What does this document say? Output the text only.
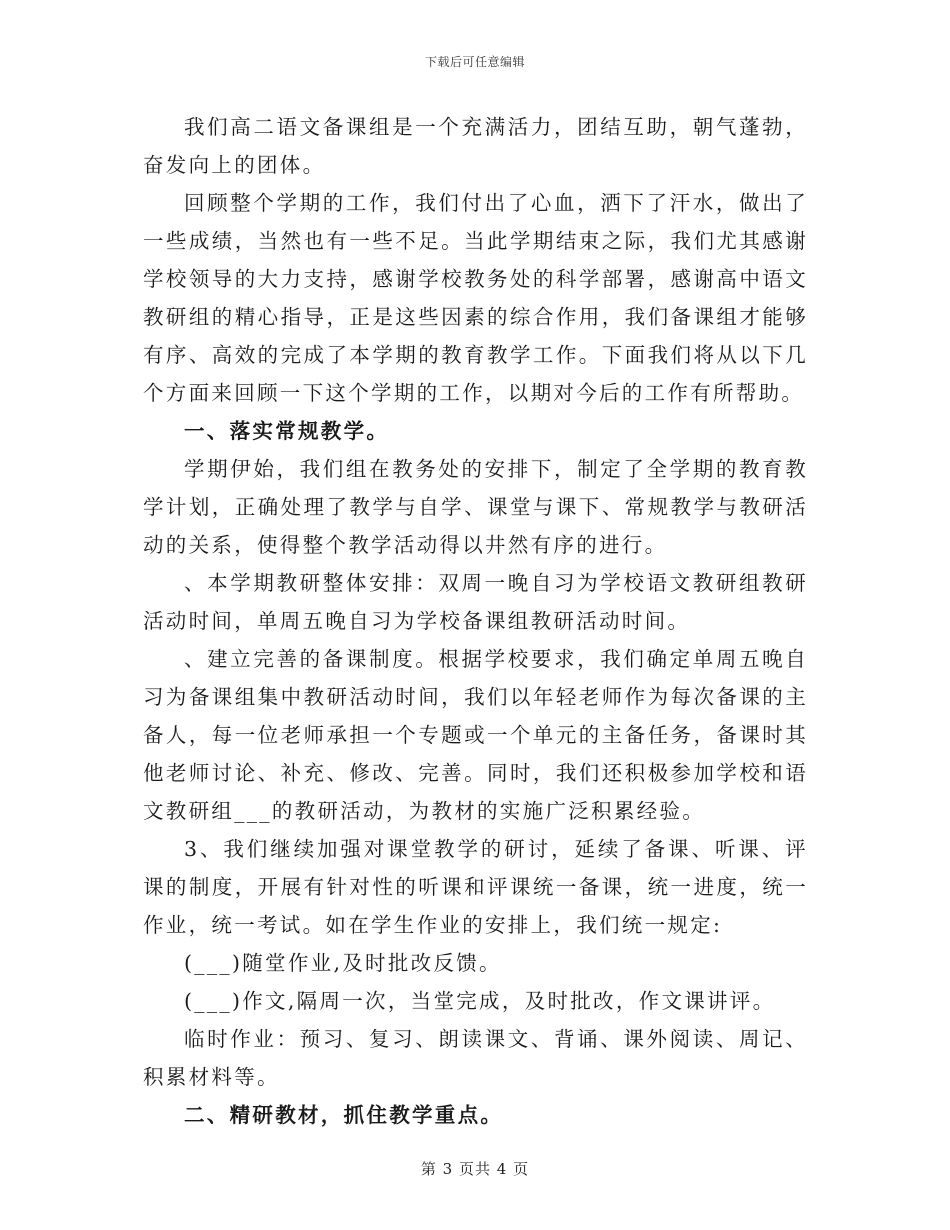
下载后可任意编辑

我们高二语文备课组是一个充满活力，团结互助，朝气蓬勃，奋发向上的团体。

回顾整个学期的工作，我们付出了心血，洒下了汗水，做出了一些成绩，当然也有一些不足。当此学期结束之际，我们尤其感谢学校领导的大力支持，感谢学校教务处的科学部署，感谢高中语文教研组的精心指导，正是这些因素的综合作用，我们备课组才能够有序、高效的完成了本学期的教育教学工作。下面我们将从以下几个方面来回顾一下这个学期的工作，以期对今后的工作有所帮助。

一、落实常规教学。

学期伊始，我们组在教务处的安排下，制定了全学期的教育教学计划，正确处理了教学与自学、课堂与课下、常规教学与教研活动的关系，使得整个教学活动得以井然有序的进行。

、本学期教研整体安排：双周一晚自习为学校语文教研组教研活动时间，单周五晚自习为学校备课组教研活动时间。

、建立完善的备课制度。根据学校要求，我们确定单周五晚自习为备课组集中教研活动时间，我们以年轻老师作为每次备课的主备人，每一位老师承担一个专题或一个单元的主备任务，备课时其他老师讨论、补充、修改、完善。同时，我们还积极参加学校和语文教研组___的教研活动，为教材的实施广泛积累经验。

3、我们继续加强对课堂教学的研讨，延续了备课、听课、评课的制度，开展有针对性的听课和评课统一备课，统一进度，统一作业，统一考试。如在学生作业的安排上，我们统一规定:

(___)随堂作业,及时批改反馈。

(___)作文,隔周一次，当堂完成，及时批改，作文课讲评。

临时作业：预习、复习、朗读课文、背诵、课外阅读、周记、积累材料等。

二、精研教材，抓住教学重点。

第 3 页共 4 页
